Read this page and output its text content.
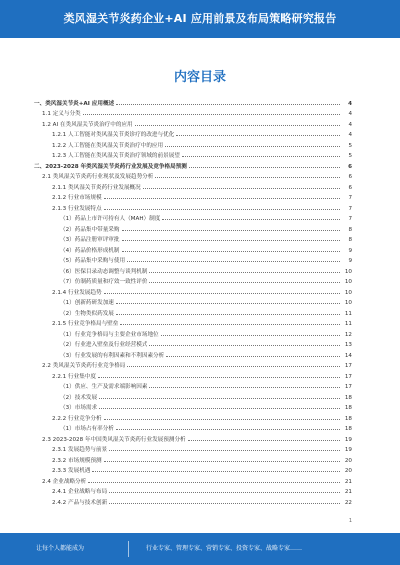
类风湿关节炎药企业+AI 应用前景及布局策略研究报告
内容目录
一、类风湿关节炎+AI 应用概述	4
1.1 定义与分类	4
1.2 AI 在类风湿关节炎治疗中的应用	4
1.2.1 人工智能对类风湿关节炎诊疗的改进与优化	4
1.2.2 人工智能在类风湿关节炎治疗中的应用	5
1.2.3 人工智能在类风湿关节炎治疗领域的前景展望	5
二、2023-2028 年类风湿关节炎药行业发展及竞争格局预测	6
2.1 类风湿关节炎药行业现状及发展趋势分析	6
2.1.1 类风湿关节炎药行业发展概况	6
2.1.2 行业市场规模	7
2.1.3 行业发展特点	7
（1）药品上市许可持有人（MAH）制度	7
（2）药品集中带量采购	8
（3）药品注册审评审批	8
（4）药品价格形成机制	9
（5）药品集中采购与使用	9
（6）医保目录动态调整与谈判机制	10
（7）仿制药质量和疗效一致性评价	10
2.1.4 行业发展趋势	10
（1）创新药研发加速	10
（2）生物类似药发展	11
2.1.5 行业竞争格局与壁垒	11
（1）行业竞争格局与主要企业市场地位	12
（2）行业进入壁垒及行业经营模式	13
（3）行业发展的有利因素和不利因素分析	14
2.2 类风湿关节炎药行业竞争格局	17
2.2.1 行业集中度	17
（1）供应、生产及需求端影响因素	17
（2）技术发展	18
（3）市场需求	18
2.2.2 行业竞争分析	18
（1）市场占有率分析	18
2.3 2023-2028 年中国类风湿关节炎药行业发展预测分析	19
2.3.1 发展趋势与前景	19
2.3.2 市场规模预测	20
2.3.3 发展机遇	20
2.4 企业战略分析	21
2.4.1 企业战略与布局	21
2.4.2 产品与技术创新	22
1
让每个人都能成为	行业专家、管理专家、营销专家、投资专家、战略专家……
